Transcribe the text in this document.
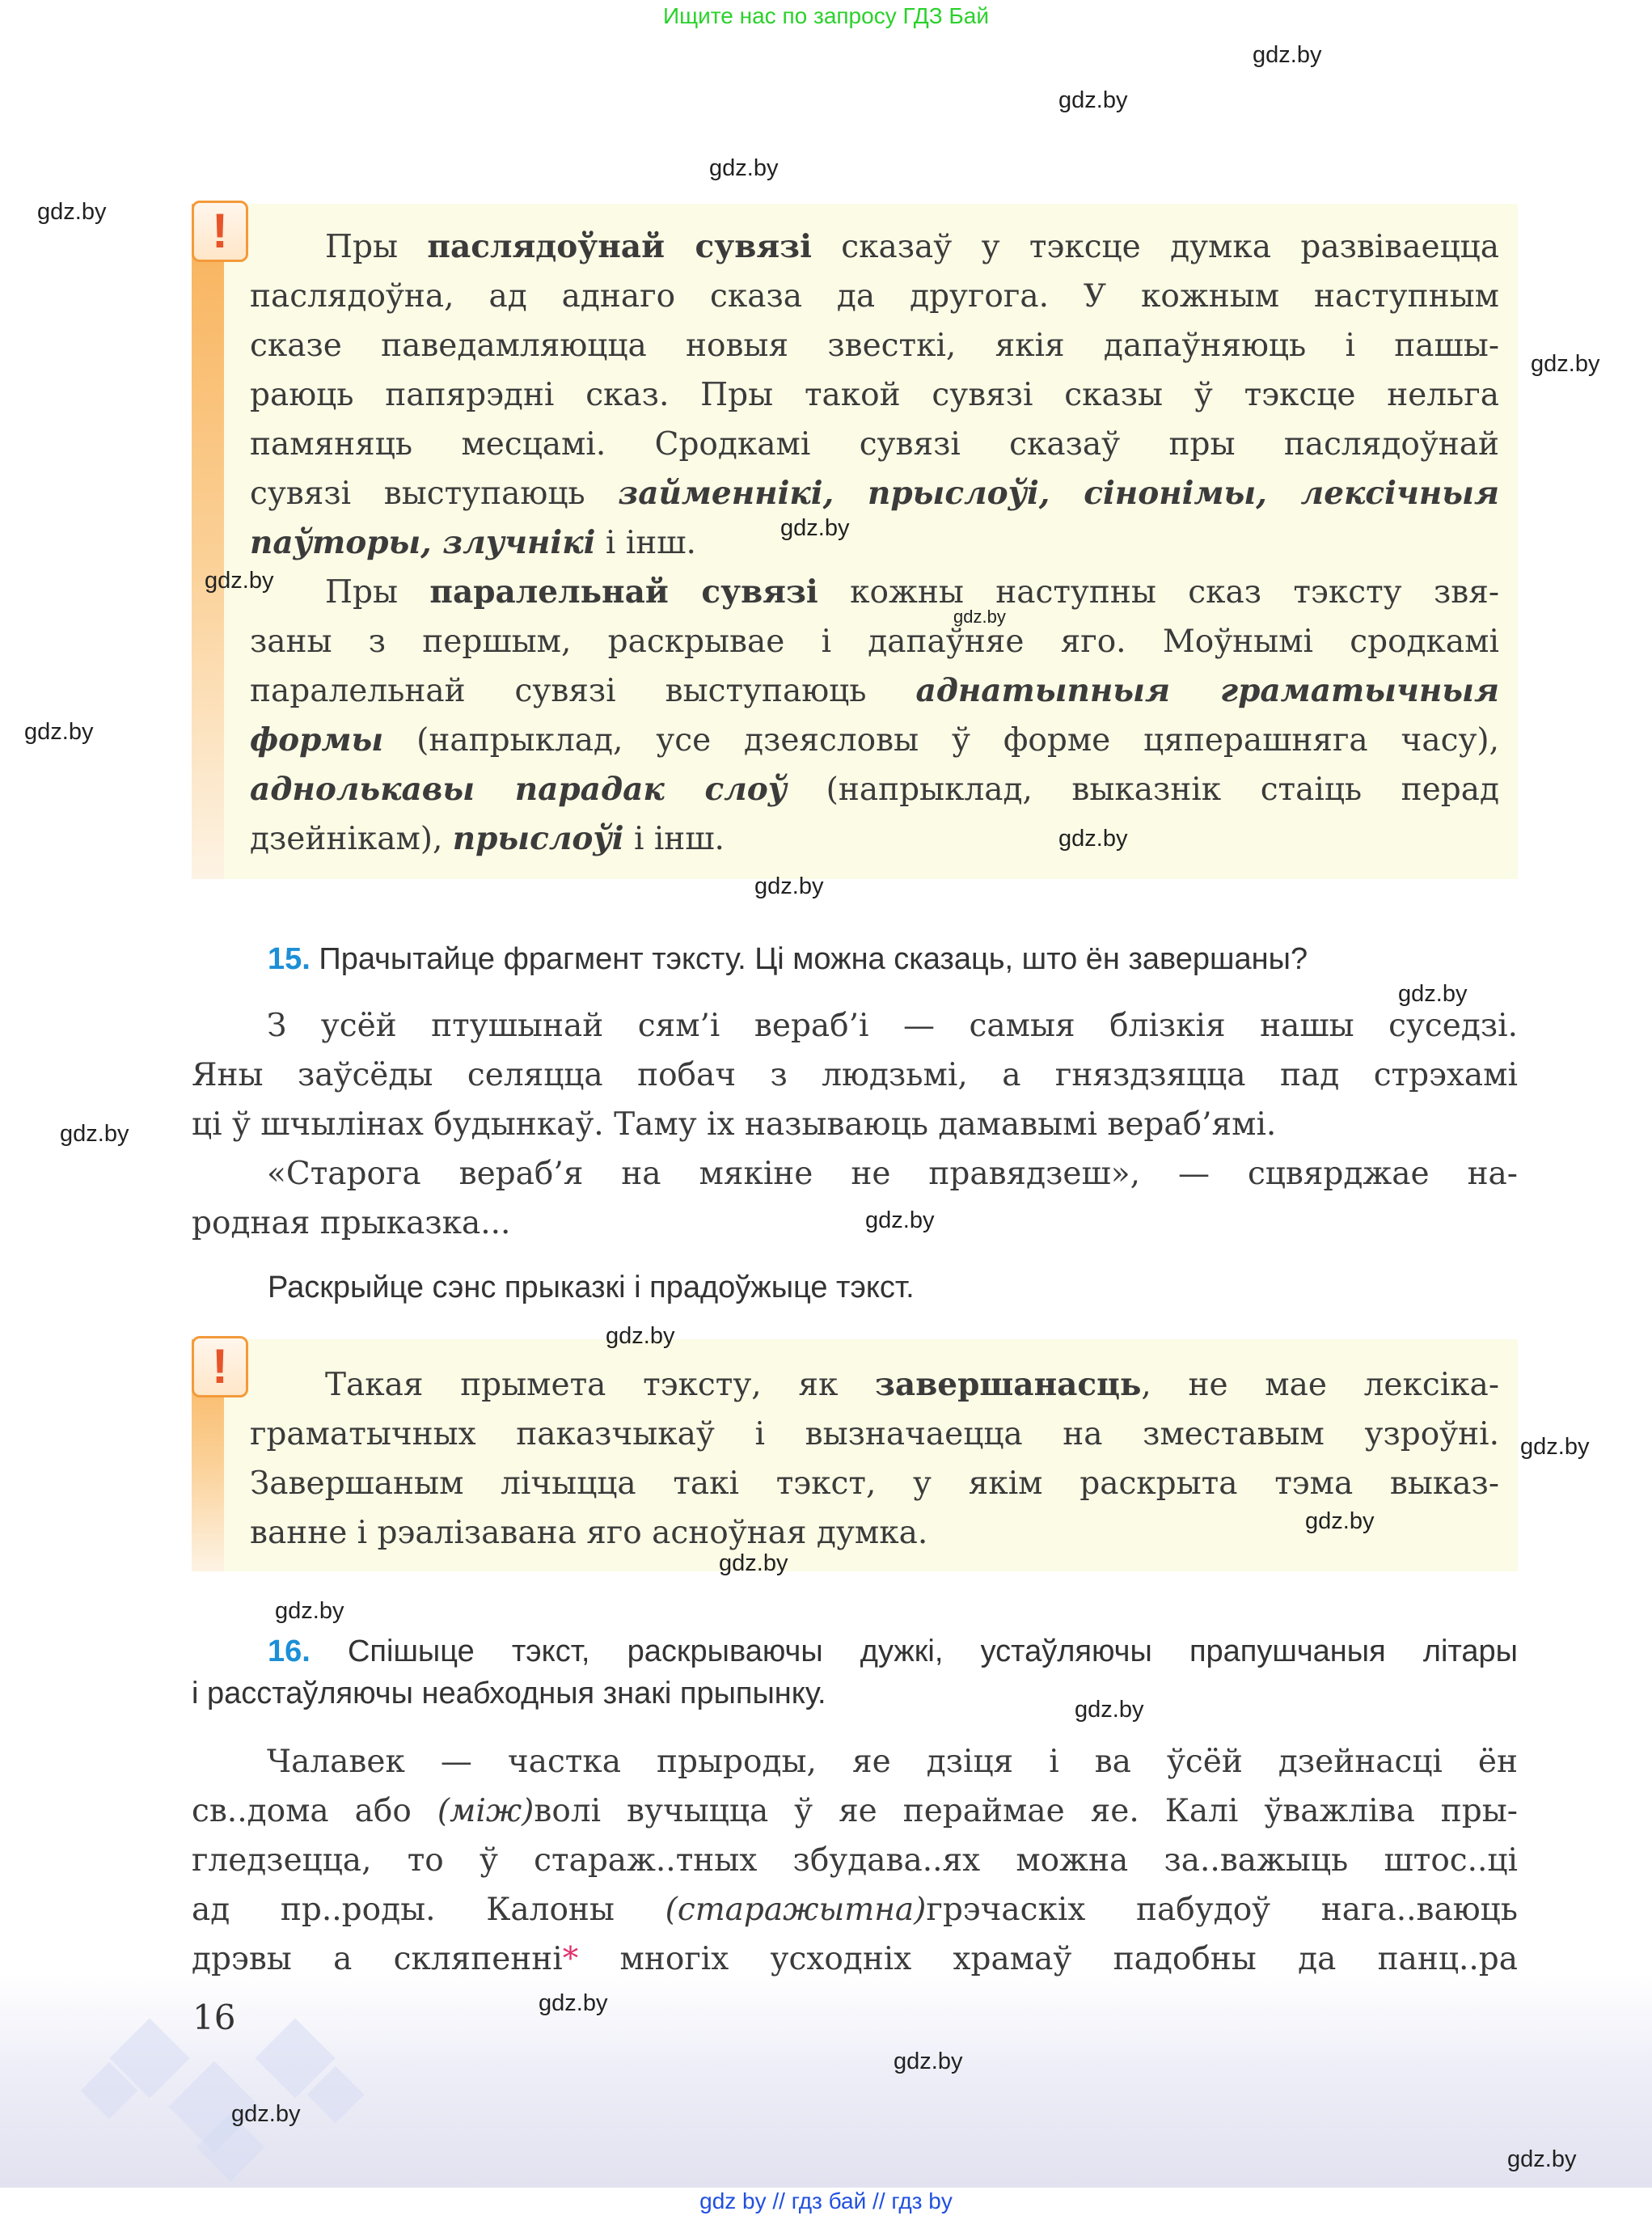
Ищите нас по запросу ГДЗ Бай
!	Пры паслядоўнай сувязі сказаў у тэксце думка развіваецца
паслядоўна, ад аднаго сказа да другога. У кожным наступным
сказе паведамляюцца новыя звесткі, якія дапаўняюць і пашы-
раюць папярэдні сказ. Пры такой сувязі сказы ў тэксце нельга
памяняць месцамі. Сродкамі сувязі сказаў пры паслядоўнай
сувязі выступаюць займеннікі, прыслоўі, сінонімы, лексічныя
паўторы, злучнікі і інш.
Пры паралельнай сувязі кожны наступны сказ тэксту звя-
заны з першым, раскрывае і дапаўняе яго. Моўнымі сродкамі
паралельнай сувязі выступаюць аднатыпныя граматычныя
формы (напрыклад, усе дзеясловы ў форме цяперашняга часу),
аднолькавы парадак слоў (напрыклад, выказнік стаіць перад
дзейнікам), прыслоўі і інш.
15. Прачытайце фрагмент тэксту. Ці можна сказаць, што ён завершаны?
З усёй птушынай сям’і вераб’і — самыя блізкія нашы суседзі.
Яны заўсёды селяцца побач з людзьмі, а гняздзяцца пад стрэхамі
ці ў шчылінах будынкаў. Таму іх называюць дамавымі вераб’ямі.
«Старога вераб’я на мякіне не правядзеш», — сцвярджае на-
родная прыказка...
Раскрыйце сэнс прыказкі і прадоўжыце тэкст.
!	Такая прымета тэксту, як завершанасць, не мае лексіка-
граматычных паказчыкаў і вызначаецца на зместавым узроўні.
Завершаным лічыцца такі тэкст, у якім раскрыта тэма выказ-
ванне і рэалізавана яго асноўная думка.
16. Спішыце тэкст, раскрываючы дужкі, устаўляючы прапушчаныя літары
і расстаўляючы неабходныя знакі прыпынку.
Чалавек — частка прыроды, яе дзіця і ва ўсёй дзейнасці ён
св..дома або (між)волі вучыцца ў яе пераймае яе. Калі ўважліва пры-
гледзецца, то ў стараж..тных збудава..ях можна за..важыць штос..ці
ад пр..роды. Калоны (старажытна)грэчаскіх пабудоў нага..ваюць
дрэвы а скляпенні* многіх усходніх храмаў падобны да панц..ра
16
gdz by // гдз бай // гдз by
gdz.by
gdz.by
gdz.by
gdz.by
gdz.by
gdz.by
gdz.by
gdz.by
gdz.by
gdz.by
gdz.by
gdz.by
gdz.by
gdz.by
gdz.by
gdz.by
gdz.by
gdz.by
gdz.by
gdz.by
gdz.by
gdz.by
gdz.by
gdz.by
